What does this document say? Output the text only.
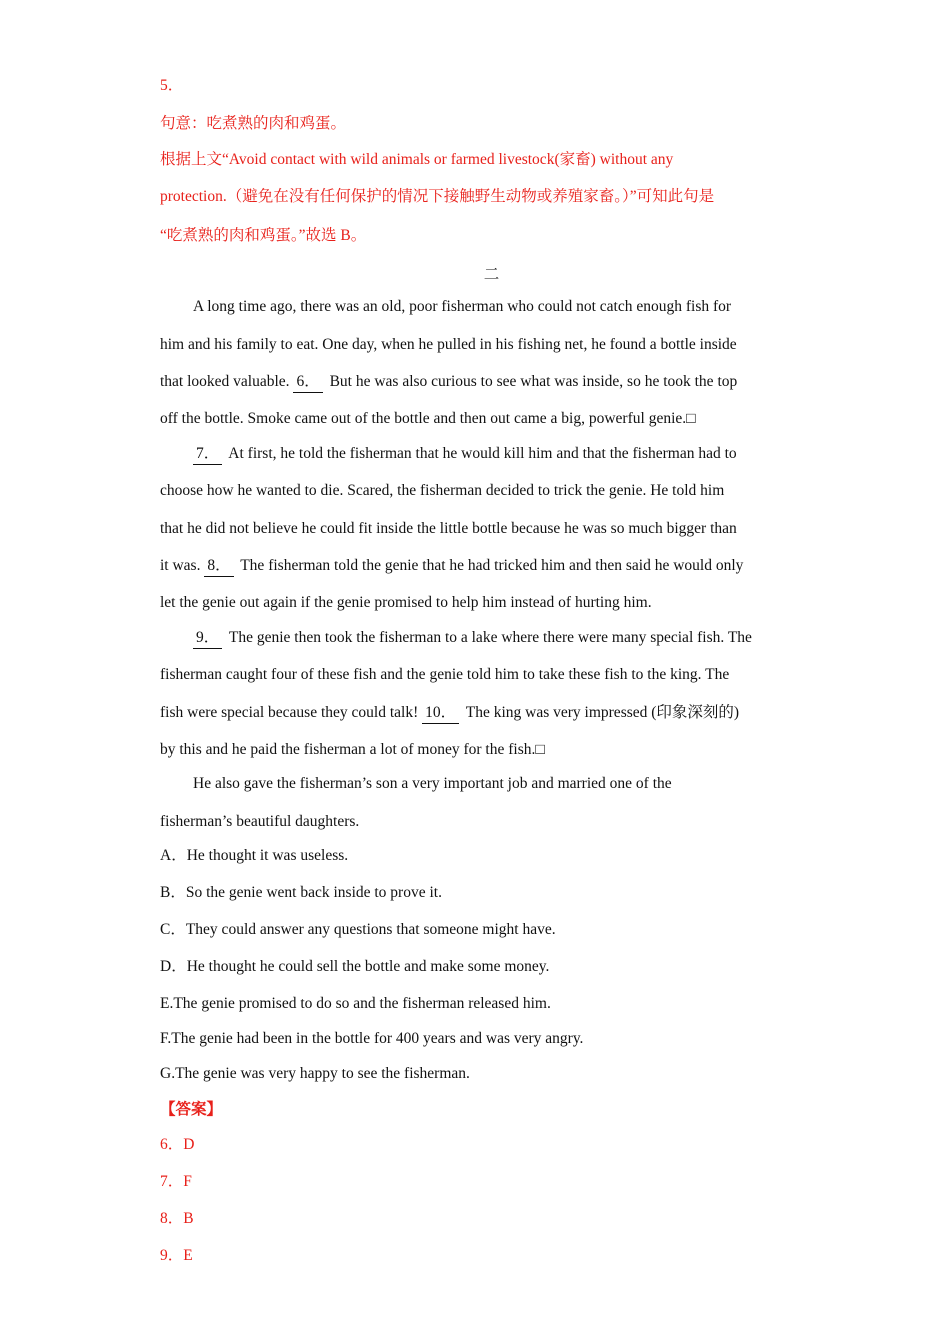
5．
句意：吃煮熟的肉和鸡蛋。
根据上文“Avoid contact with wild animals or farmed livestock(家畜) without any
protection.（避免在没有任何保护的情况下接触野生动物或养殖家畜。）”可知此句是
“吃煮熟的肉和鸡蛋。”故选 B。
二
A long time ago, there was an old, poor fisherman who could not catch enough fish for
him and his family to eat. One day, when he pulled in his fishing net, he found a bottle inside
that looked valuable. 6． But he was also curious to see what was inside, so he took the top
off the bottle. Smoke came out of the bottle and then out came a big, powerful genie.□
7． At first, he told the fisherman that he would kill him and that the fisherman had to
choose how he wanted to die. Scared, the fisherman decided to trick the genie. He told him
that he did not believe he could fit inside the little bottle because he was so much bigger than
it was. 8． The fisherman told the genie that he had tricked him and then said he would only
let the genie out again if the genie promised to help him instead of hurting him.
9． The genie then took the fisherman to a lake where there were many special fish. The
fisherman caught four of these fish and the genie told him to take these fish to the king. The
fish were special because they could talk! 10． The king was very impressed (印象深刻的)
by this and he paid the fisherman a lot of money for the fish.□
He also gave the fisherman’s son a very important job and married one of the
fisherman’s beautiful daughters.
A．He thought it was useless.
B．So the genie went back inside to prove it.
C．They could answer any questions that someone might have.
D．He thought he could sell the bottle and make some money.
E.The genie promised to do so and the fisherman released him.
F.The genie had been in the bottle for 400 years and was very angry.
G.The genie was very happy to see the fisherman.
【答案】
6．D
7．F
8．B
9．E
